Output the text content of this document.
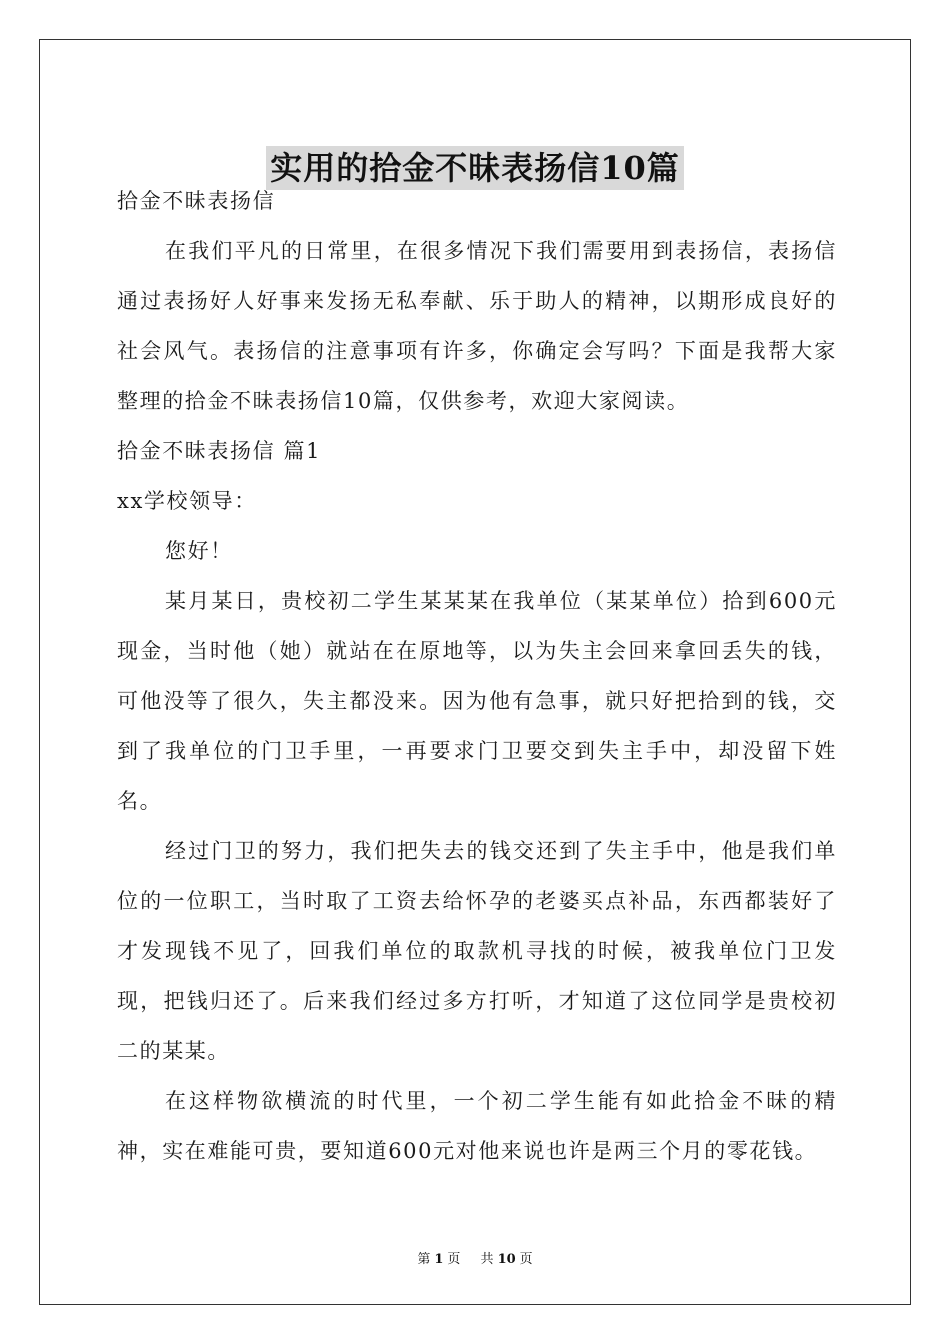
实用的拾金不昧表扬信10篇

拾金不昧表扬信

在我们平凡的日常里，在很多情况下我们需要用到表扬信，表扬信通过表扬好人好事来发扬无私奉献、乐于助人的精神，以期形成良好的社会风气。表扬信的注意事项有许多，你确定会写吗？下面是我帮大家整理的拾金不昧表扬信10篇，仅供参考，欢迎大家阅读。

拾金不昧表扬信 篇1

xx学校领导：

您好！

某月某日，贵校初二学生某某某在我单位（某某单位）拾到600元现金，当时他（她）就站在在原地等，以为失主会回来拿回丢失的钱，可他没等了很久，失主都没来。因为他有急事，就只好把拾到的钱，交到了我单位的门卫手里，一再要求门卫要交到失主手中，却没留下姓名。

经过门卫的努力，我们把失去的钱交还到了失主手中，他是我们单位的一位职工，当时取了工资去给怀孕的老婆买点补品，东西都装好了才发现钱不见了，回我们单位的取款机寻找的时候，被我单位门卫发现，把钱归还了。后来我们经过多方打听，才知道了这位同学是贵校初二的某某。

在这样物欲横流的时代里，一个初二学生能有如此拾金不昧的精神，实在难能可贵，要知道600元对他来说也许是两三个月的零花钱。

第 1 页 共 10 页
